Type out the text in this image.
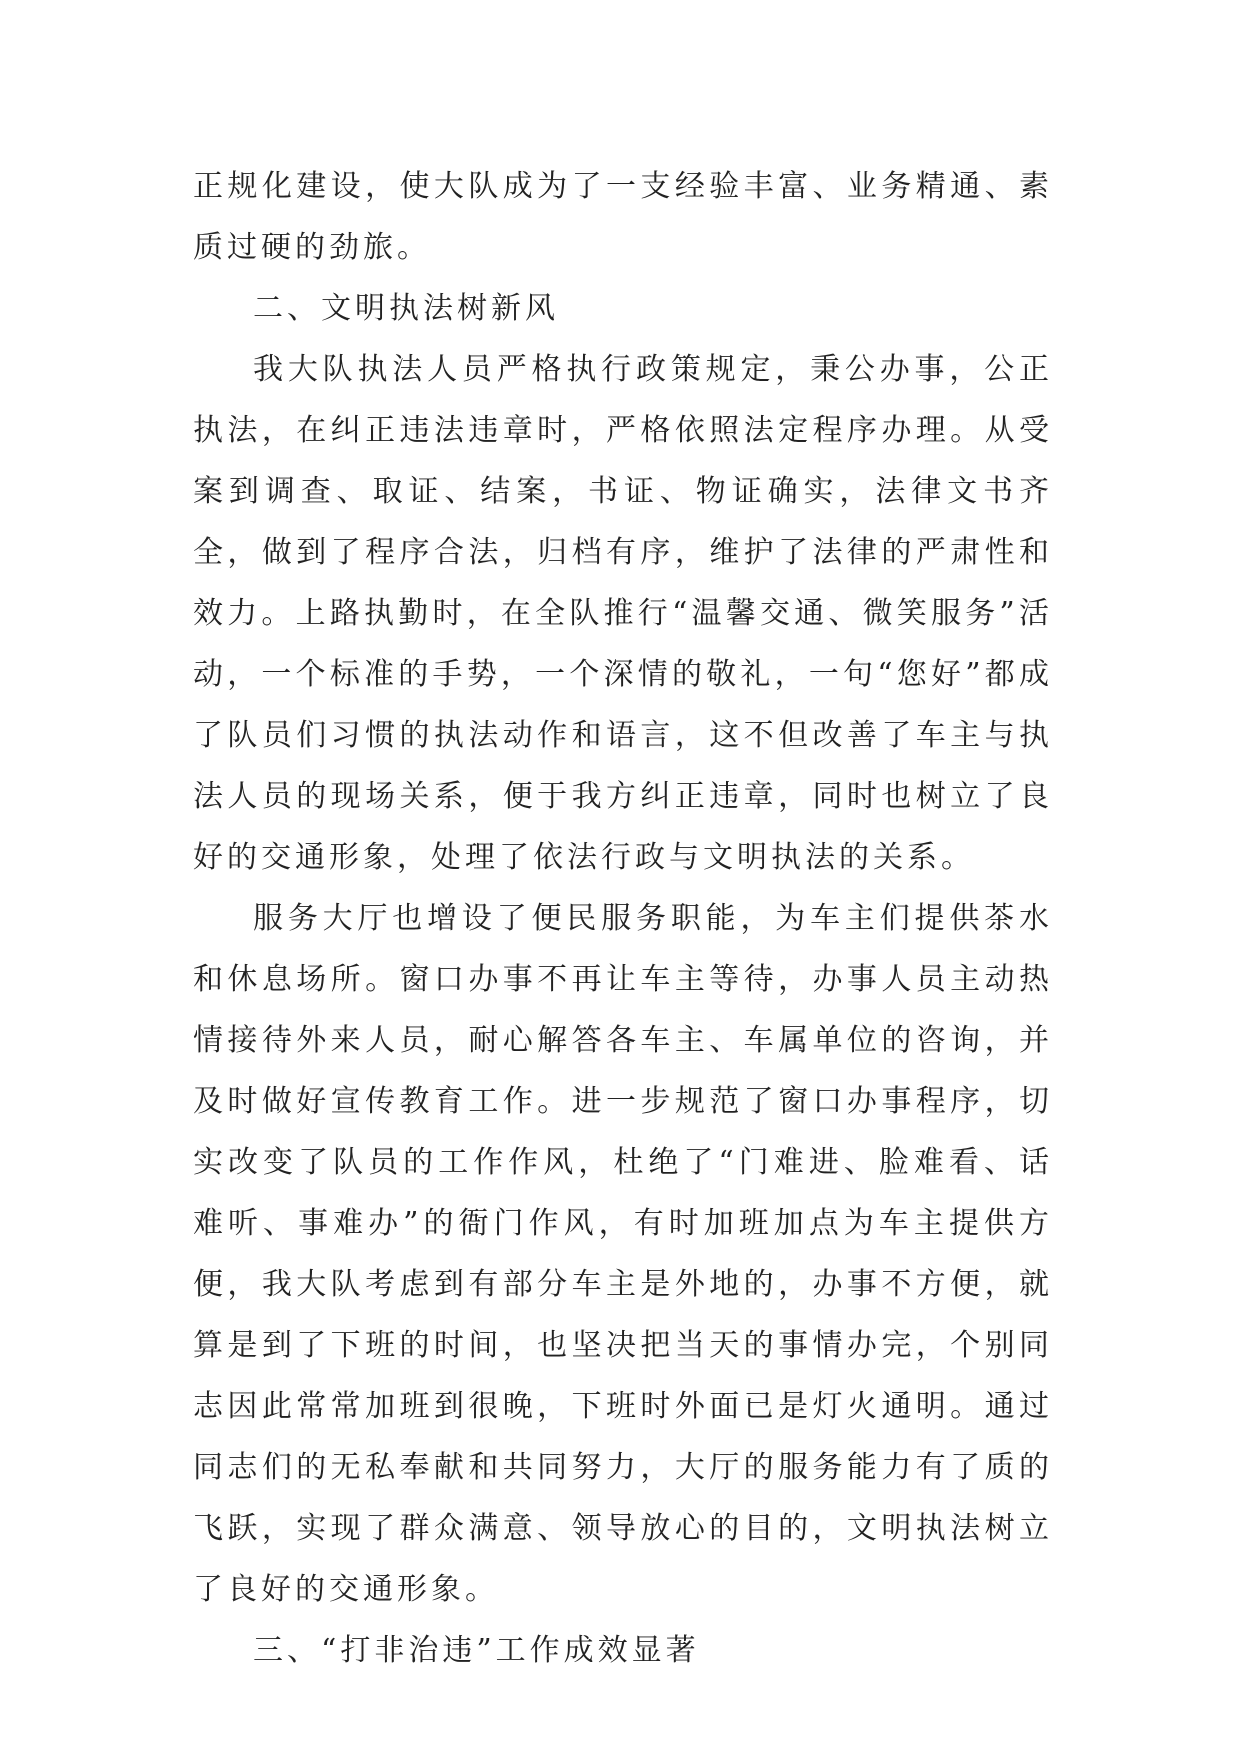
正规化建设，使大队成为了一支经验丰富、业务精通、素质过硬的劲旅。

二、文明执法树新风

我大队执法人员严格执行政策规定，秉公办事，公正执法，在纠正违法违章时，严格依照法定程序办理。从受案到调查、取证、结案，书证、物证确实，法律文书齐全，做到了程序合法，归档有序，维护了法律的严肃性和效力。上路执勤时，在全队推行“温馨交通、微笑服务”活动，一个标准的手势，一个深情的敬礼，一句“您好”都成了队员们习惯的执法动作和语言，这不但改善了车主与执法人员的现场关系，便于我方纠正违章，同时也树立了良好的交通形象，处理了依法行政与文明执法的关系。

服务大厅也增设了便民服务职能，为车主们提供茶水和休息场所。窗口办事不再让车主等待，办事人员主动热情接待外来人员，耐心解答各车主、车属单位的咨询，并及时做好宣传教育工作。进一步规范了窗口办事程序，切实改变了队员的工作作风，杜绝了“门难进、脸难看、话难听、事难办”的衙门作风，有时加班加点为车主提供方便，我大队考虑到有部分车主是外地的，办事不方便，就算是到了下班的时间，也坚决把当天的事情办完，个别同志因此常常加班到很晚，下班时外面已是灯火通明。通过同志们的无私奉献和共同努力，大厅的服务能力有了质的飞跃，实现了群众满意、领导放心的目的，文明执法树立了良好的交通形象。

三、“打非治违”工作成效显著
